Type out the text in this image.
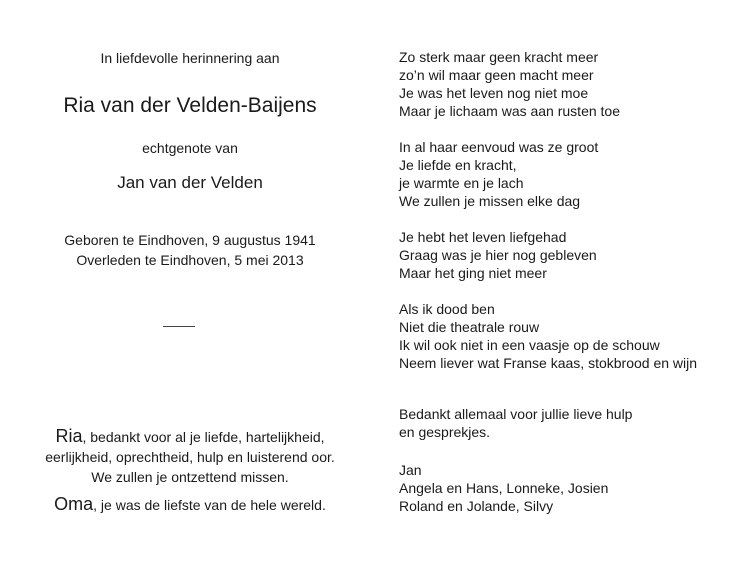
In liefdevolle herinnering aan
Ria van der Velden-Baijens
echtgenote van
Jan van der Velden
Geboren te Eindhoven, 9 augustus 1941
Overleden te Eindhoven, 5 mei 2013
Ria, bedankt voor al je liefde, hartelijkheid,
eerlijkheid, oprechtheid, hulp en luisterend oor.
We zullen je ontzettend missen.
Oma, je was de liefste van de hele wereld.
Zo sterk maar geen kracht meer
zo’n wil maar geen macht meer
Je was het leven nog niet moe
Maar je lichaam was aan rusten toe
In al haar eenvoud was ze groot
Je liefde en kracht,
je warmte en je lach
We zullen je missen elke dag
Je hebt het leven liefgehad
Graag was je hier nog gebleven
Maar het ging niet meer
Als ik dood ben
Niet die theatrale rouw
Ik wil ook niet in een vaasje op de schouw
Neem liever wat Franse kaas, stokbrood en wijn
Bedankt allemaal voor jullie lieve hulp
en gesprekjes.
Jan
Angela en Hans, Lonneke, Josien
Roland en Jolande, Silvy
